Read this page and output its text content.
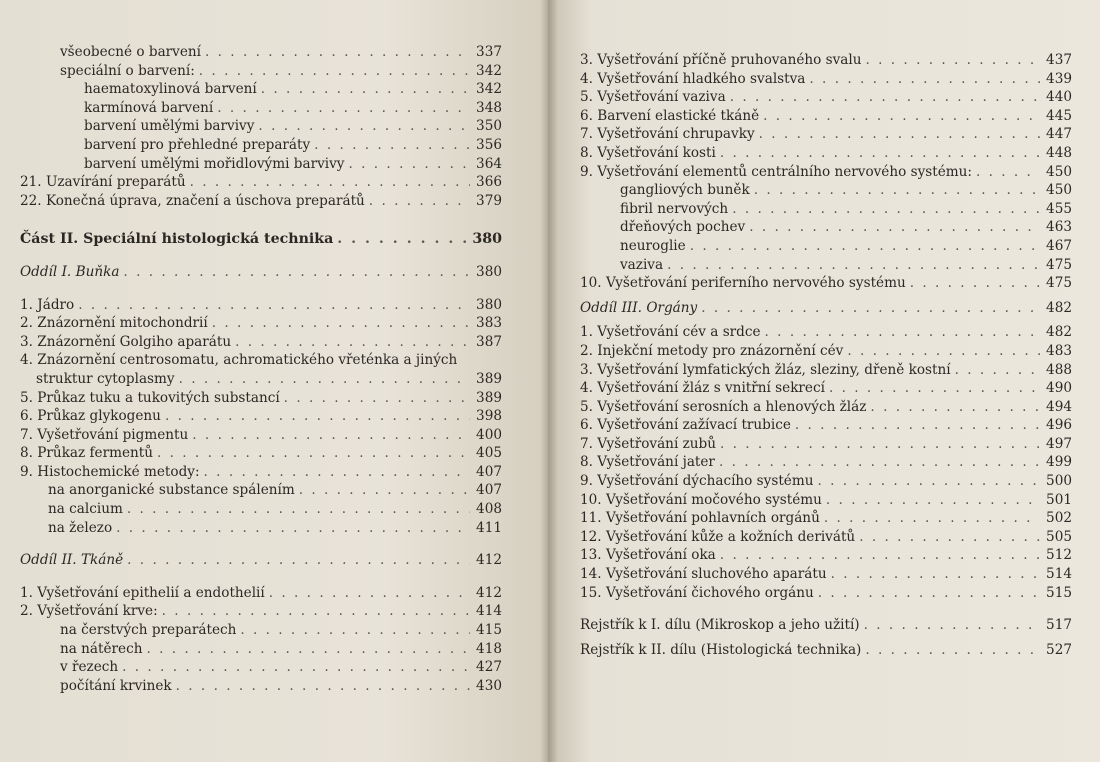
všeobecné o barvení . . .	337
speciální o barvení: . . .	342
haematoxylinová barvení . . .	342
karmínová barvení . . .	348
barvení umělými barvivy . . .	350
barvení pro přehledné preparáty . . .	356
barvení umělými mořidlovými barvivy . . .	364
21. Uzavírání preparátů . . .	366
22. Konečná úprava, značení a úschova preparátů . . .	379
Část II. Speciální histologická technika . . .	380
Oddíl I. Buňka . . .	380
1. Jádro . . .	380
2. Znázornění mitochondrií . . .	383
3. Znázornění Golgiho aparátu . . .	387
4. Znázornění centrosomatu, achromatického vřeténka a jiných
struktur cytoplasmy . . .	389
5. Průkaz tuku a tukovitých substancí . . .	389
6. Průkaz glykogenu . . .	398
7. Vyšetřování pigmentu . . .	400
8. Průkaz fermentů . . .	405
9. Histochemické metody: . . .	407
na anorganické substance spálením . . .	407
na calcium . . .	408
na železo . . .	411
Oddíl II. Tkáně . . .	412
1. Vyšetřování epithelií a endothelií . . .	412
2. Vyšetřování krve: . . .	414
na čerstvých preparátech . . .	415
na nátěrech . . .	418
v řezech . . .	427
počítání krvinek . . .	430
3. Vyšetřování příčně pruhovaného svalu . . .	437
4. Vyšetřování hladkého svalstva . . .	439
5. Vyšetřování vaziva . . .	440
6. Barvení elastické tkáně . . .	445
7. Vyšetřování chrupavky . . .	447
8. Vyšetřování kosti . . .	448
9. Vyšetřování elementů centrálního nervového systému: . . .	450
gangliových buněk . . .	450
fibril nervových . . .	455
dřeňových pochev . . .	463
neuroglie . . .	467
vaziva . . .	475
10. Vyšetřování periferního nervového systému . . .	475
Oddíl III. Orgány . . .	482
1. Vyšetřování cév a srdce . . .	482
2. Injekční metody pro znázornění cév . . .	483
3. Vyšetřování lymfatických žláz, sleziny, dřeně kostní . . .	488
4. Vyšetřování žláz s vnitřní sekrecí . . .	490
5. Vyšetřování serosních a hlenových žláz . . .	494
6. Vyšetřování zažívací trubice . . .	496
7. Vyšetřování zubů . . .	497
8. Vyšetřování jater . . .	499
9. Vyšetřování dýchacího systému . . .	500
10. Vyšetřování močového systému . . .	501
11. Vyšetřování pohlavních orgánů . . .	502
12. Vyšetřování kůže a kožních derivátů . . .	505
13. Vyšetřování oka . . .	512
14. Vyšetřování sluchového aparátu . . .	514
15. Vyšetřování čichového orgánu . . .	515
Rejstřík k I. dílu (Mikroskop a jeho užití) . . .	517
Rejstřík k II. dílu (Histologická technika) . . .	527
